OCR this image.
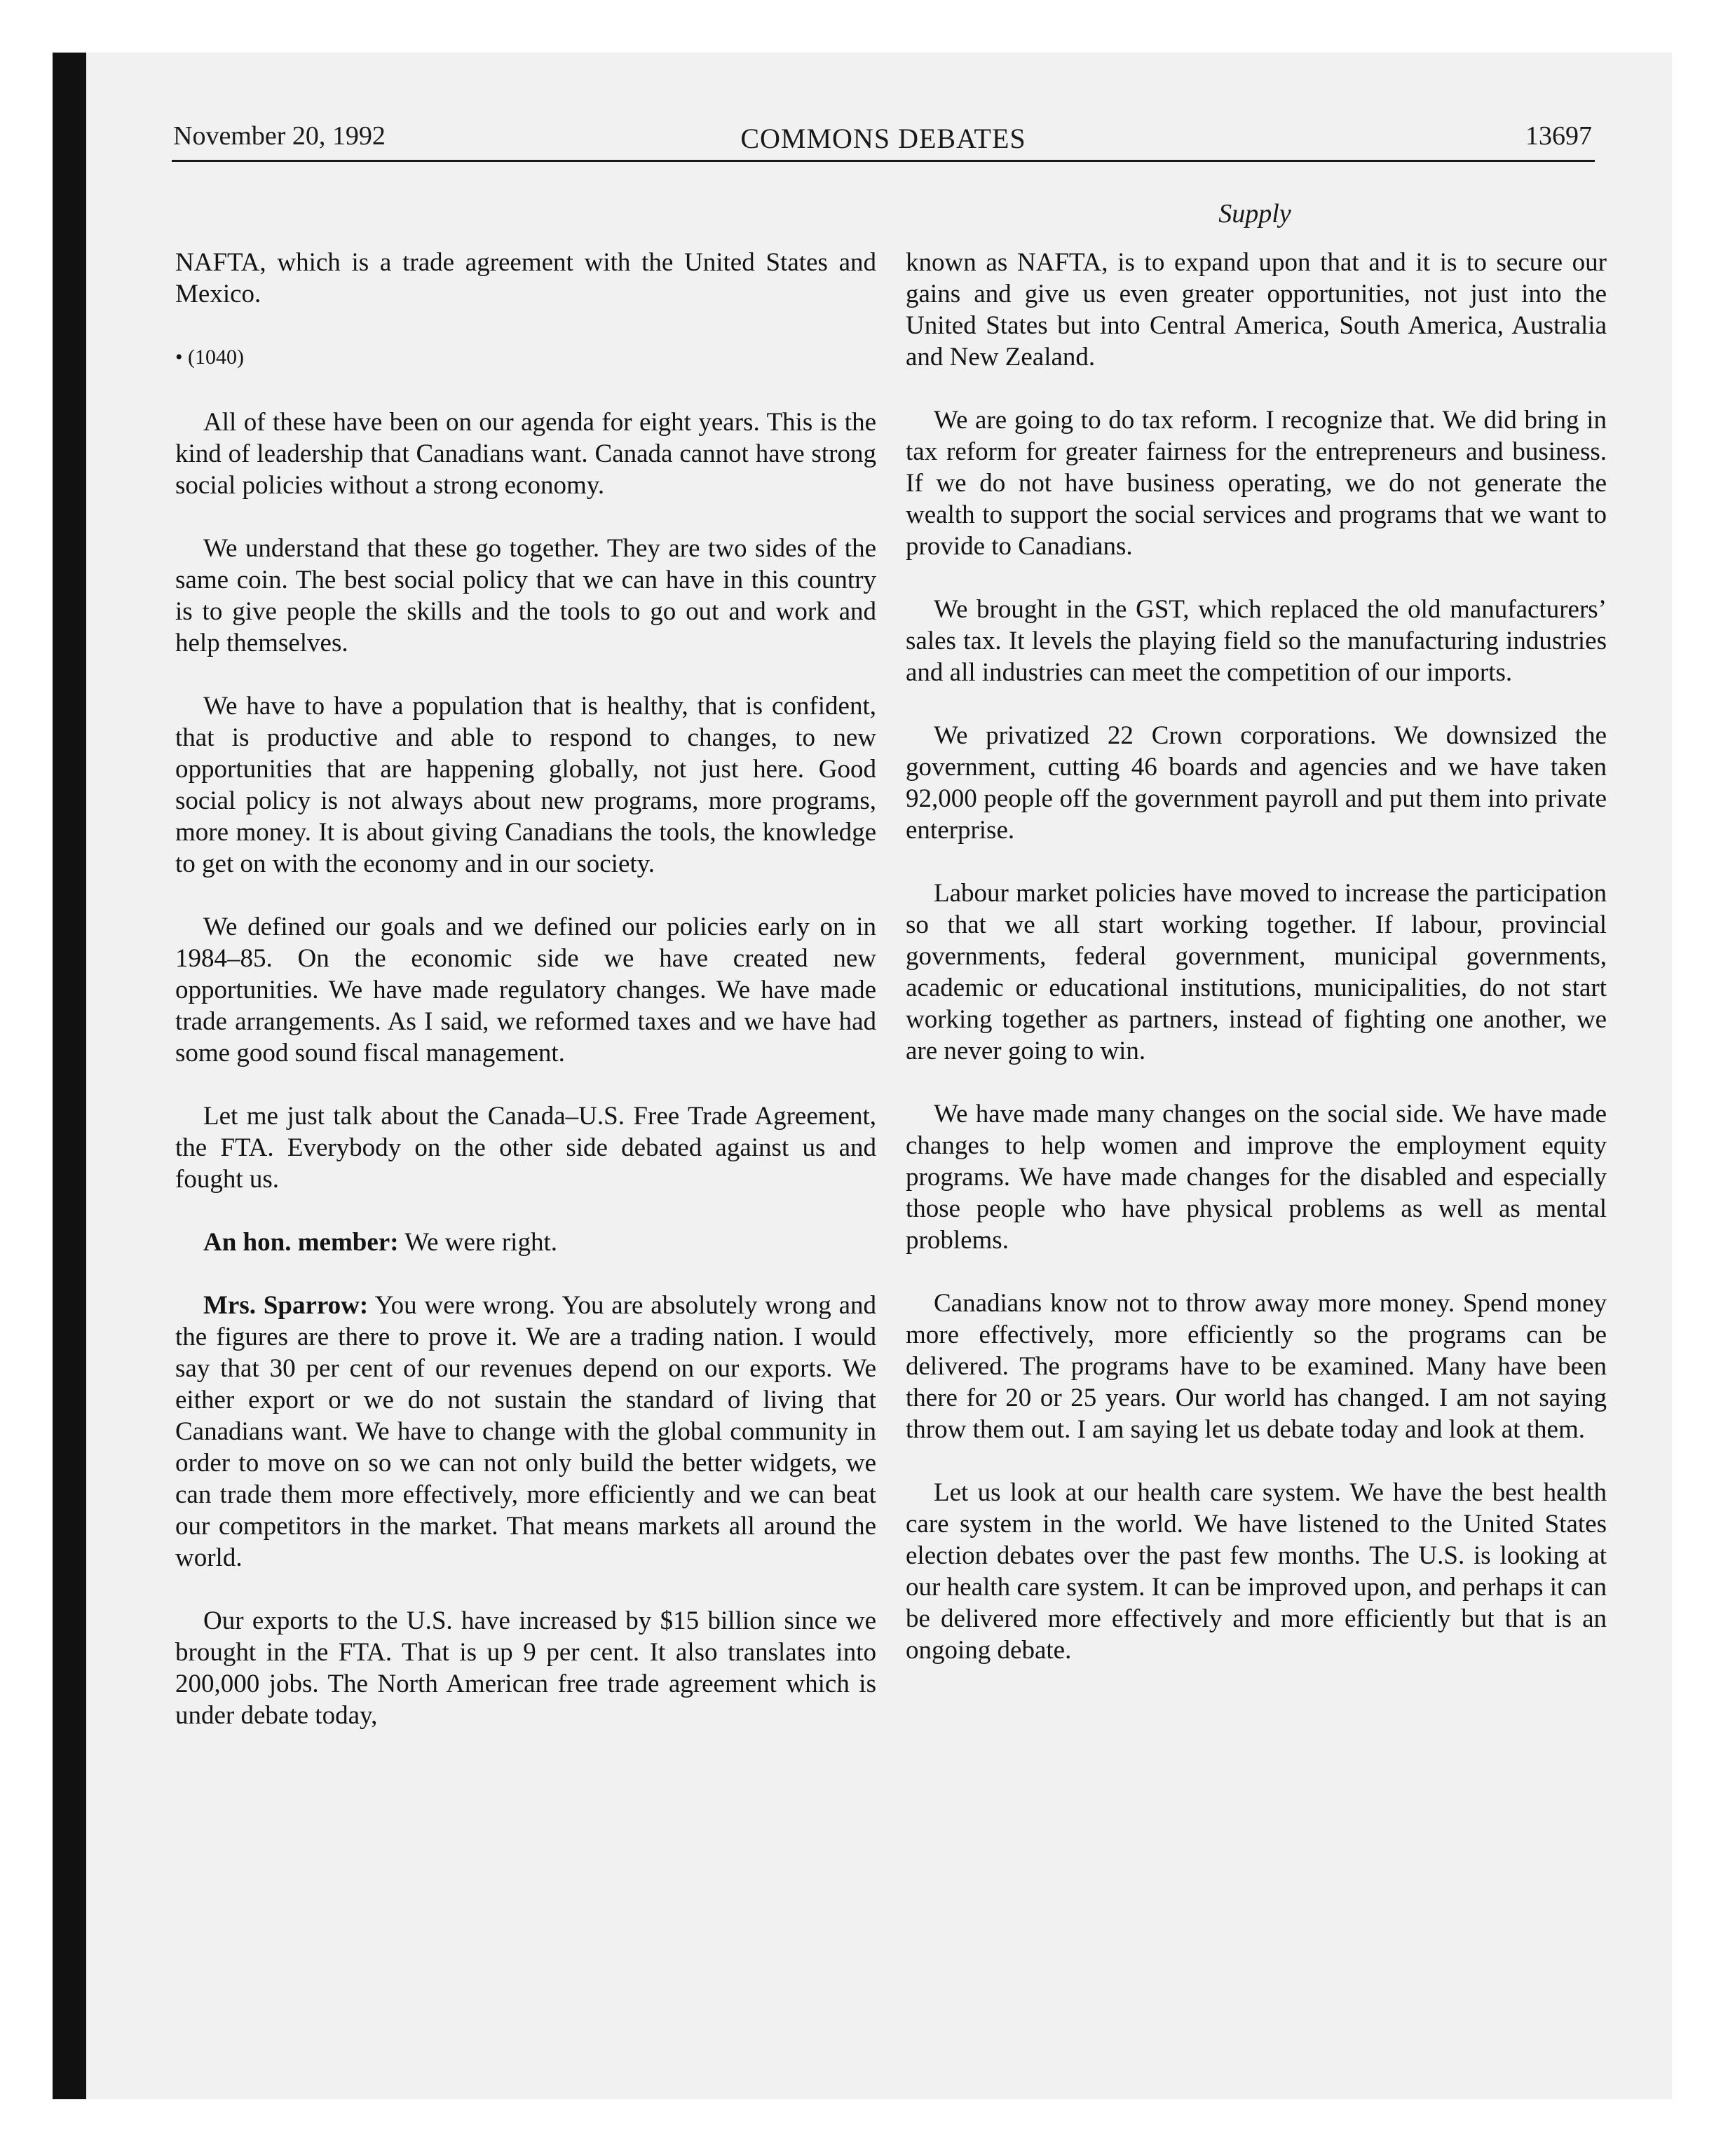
November 20, 1992	COMMONS DEBATES	13697
Supply

NAFTA, which is a trade agreement with the United States and Mexico.

• (1040)

All of these have been on our agenda for eight years. This is the kind of leadership that Canadians want. Canada cannot have strong social policies without a strong economy.

We understand that these go together. They are two sides of the same coin. The best social policy that we can have in this country is to give people the skills and the tools to go out and work and help themselves.

We have to have a population that is healthy, that is confident, that is productive and able to respond to changes, to new opportunities that are happening globally, not just here. Good social policy is not always about new programs, more programs, more money. It is about giving Canadians the tools, the knowledge to get on with the economy and in our society.

We defined our goals and we defined our policies early on in 1984–85. On the economic side we have created new opportunities. We have made regulatory changes. We have made trade arrangements. As I said, we reformed taxes and we have had some good sound fiscal management.

Let me just talk about the Canada–U.S. Free Trade Agreement, the FTA. Everybody on the other side debated against us and fought us.

An hon. member: We were right.

Mrs. Sparrow: You were wrong. You are absolutely wrong and the figures are there to prove it. We are a trading nation. I would say that 30 per cent of our revenues depend on our exports. We either export or we do not sustain the standard of living that Canadians want. We have to change with the global community in order to move on so we can not only build the better widgets, we can trade them more effectively, more efficiently and we can beat our competitors in the market. That means markets all around the world.

Our exports to the U.S. have increased by $15 billion since we brought in the FTA. That is up 9 per cent. It also translates into 200,000 jobs. The North American free trade agreement which is under debate today,

known as NAFTA, is to expand upon that and it is to secure our gains and give us even greater opportunities, not just into the United States but into Central America, South America, Australia and New Zealand.

We are going to do tax reform. I recognize that. We did bring in tax reform for greater fairness for the entrepreneurs and business. If we do not have business operating, we do not generate the wealth to support the social services and programs that we want to provide to Canadians.

We brought in the GST, which replaced the old manufacturers’ sales tax. It levels the playing field so the manufacturing industries and all industries can meet the competition of our imports.

We privatized 22 Crown corporations. We downsized the government, cutting 46 boards and agencies and we have taken 92,000 people off the government payroll and put them into private enterprise.

Labour market policies have moved to increase the participation so that we all start working together. If labour, provincial governments, federal government, municipal governments, academic or educational institutions, municipalities, do not start working together as partners, instead of fighting one another, we are never going to win.

We have made many changes on the social side. We have made changes to help women and improve the employment equity programs. We have made changes for the disabled and especially those people who have physical problems as well as mental problems.

Canadians know not to throw away more money. Spend money more effectively, more efficiently so the programs can be delivered. The programs have to be examined. Many have been there for 20 or 25 years. Our world has changed. I am not saying throw them out. I am saying let us debate today and look at them.

Let us look at our health care system. We have the best health care system in the world. We have listened to the United States election debates over the past few months. The U.S. is looking at our health care system. It can be improved upon, and perhaps it can be delivered more effectively and more efficiently but that is an ongoing debate.
